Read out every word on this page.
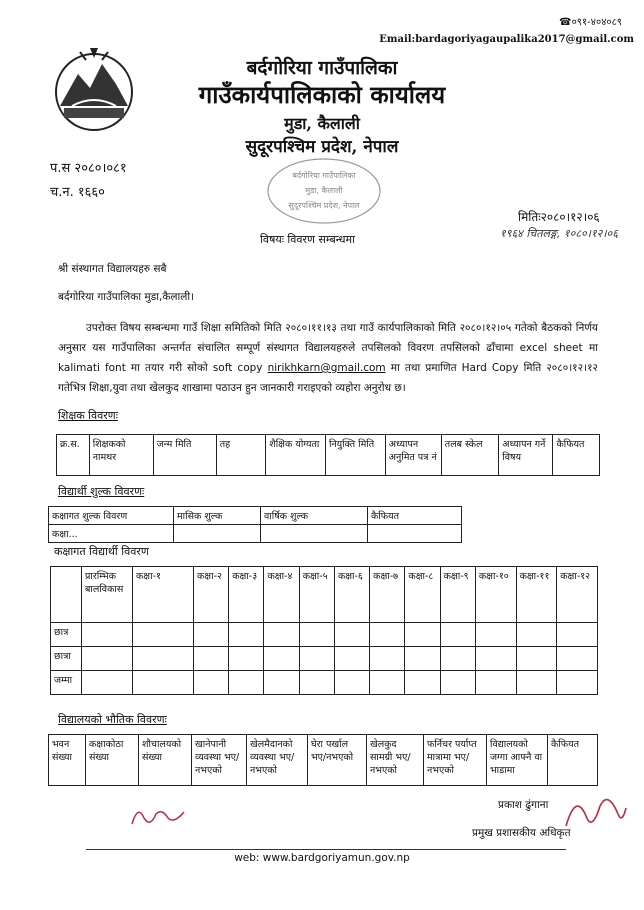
☎०९१-४०४०८९
Email:bardagoriyagaupalika2017@gmail.com
बर्दगोरिया गाउँपालिका
गाउँकार्यपालिकाको कार्यालय
मुडा, कैलाली
सुदूरपश्चिम प्रदेश, नेपाल
प.स २०८०।०८१
च.न. १६६०
बर्दगोरिया गाउँपालिका
मुडा, कैलाली
सुदूरपश्चिम प्रदेश, नेपाल
मितिः२०८०।१२।०६
१९६४ चितलङ्ग, १०८०।१२।०६
विषयः विवरण सम्बन्धमा
श्री संस्थागत विद्यालयहरु सबै
बर्दगोरिया गाउँपालिका मुडा,कैलाली।
उपरोक्त विषय सम्बन्धमा गाउँ शिक्षा समितिको मिति २०८०।११।१३ तथा गाउँ कार्यपालिकाको मिति २०८०।१२।०५ गतेको बैठकको निर्णय अनुसार यस गाउँपालिका अन्तर्गत संचालित सम्पूर्ण संस्थागत विद्यालयहरुले तपसिलको विवरण तपसिलको ढाँचामा excel sheet मा kalimati font मा तयार गरी सोको soft copy nirikhkarn@gmail.com मा तथा प्रमाणित Hard Copy मिति २०८०।१२।१२ गतेभित्र शिक्षा,युवा तथा खेलकुद शाखामा पठाउन हुन जानकारी गराइएको व्यहोरा अनुरोध छ।
शिक्षक विवरणः
क्र.स.	शिक्षकको नामथर	जन्म मिति	तह	शैक्षिक योग्यता	नियुक्ति मिति	अध्यापन अनुमित पत्र नं	तलब स्केल	अध्यापन गर्ने विषय	कैफियत
विद्यार्थी शुल्क विवरणः
कक्षागत शुल्क विवरण	मासिक शुल्क	वार्षिक शुल्क	कैफियत
कक्षा...			
कक्षागत विद्यार्थी विवरण
	प्रारम्भिक बालविकास	कक्षा-१	कक्षा-२	कक्षा-३	कक्षा-४	कक्षा-५	कक्षा-६	कक्षा-७	कक्षा-८	कक्षा-९	कक्षा-१०	कक्षा-११	कक्षा-१२
छात्र													
छात्रा													
जम्मा													
विद्यालयको भौतिक विवरणः
भवन संख्या	कक्षाकोठा संख्या	शौचालयको संख्या	खानेपानी व्यवस्था भए/नभएको	खेलमैदानको व्यवस्था भए/नभएको	घेरा पर्खाल भए/नभएको	खेलकुद सामग्री भए/नभएको	फर्निचर पर्याप्त मात्रामा भए/नभएको	विद्यालयको जग्गा आफ्नै वा भाडामा	कैफियत
प्रकाश ढुंगाना
प्रमुख प्रशासकीय अधिकृत
web: www.bardgoriyamun.gov.np
